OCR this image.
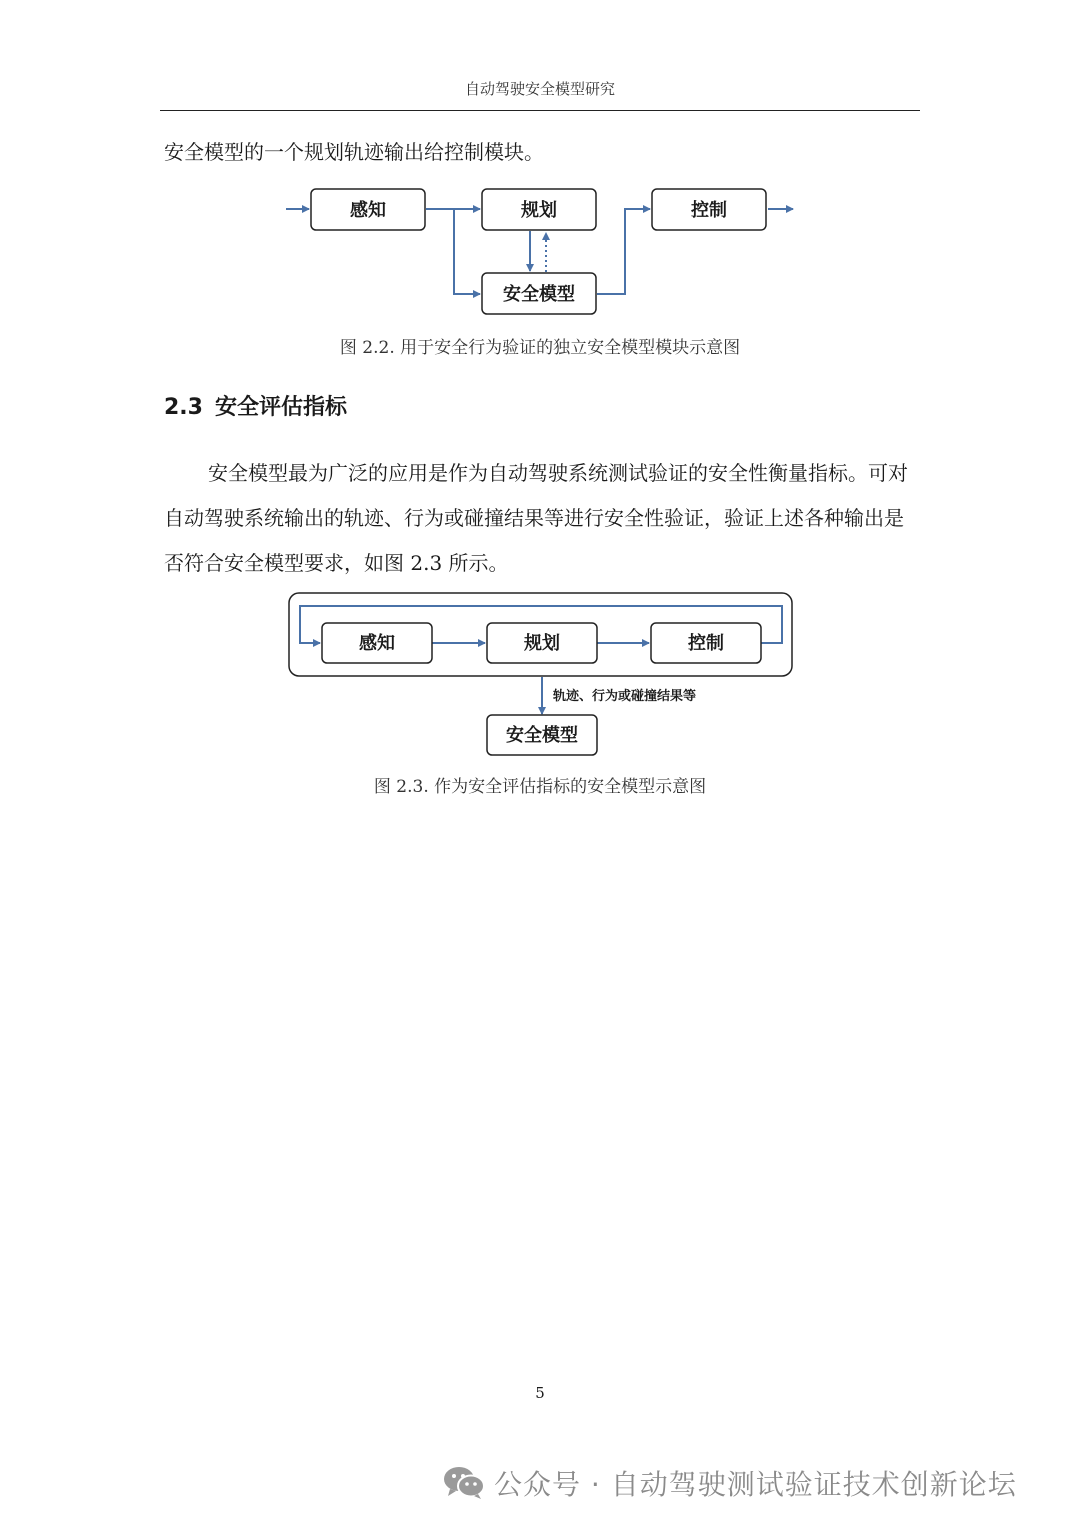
自动驾驶安全模型研究

安全模型的一个规划轨迹输出给控制模块。

感知	规划	控制
安全模型
图 2.2. 用于安全行为验证的独立安全模型模块示意图
2.3 安全评估指标

安全模型最为广泛的应用是作为自动驾驶系统测试验证的安全性衡量指标。可对自动驾驶系统输出的轨迹、行为或碰撞结果等进行安全性验证，验证上述各种输出是否符合安全模型要求，如图 2.3 所示。

感知	规划	控制
轨迹、行为或碰撞结果等
安全模型
图 2.3. 作为安全评估指标的安全模型示意图
5
公众号 · 自动驾驶测试验证技术创新论坛
